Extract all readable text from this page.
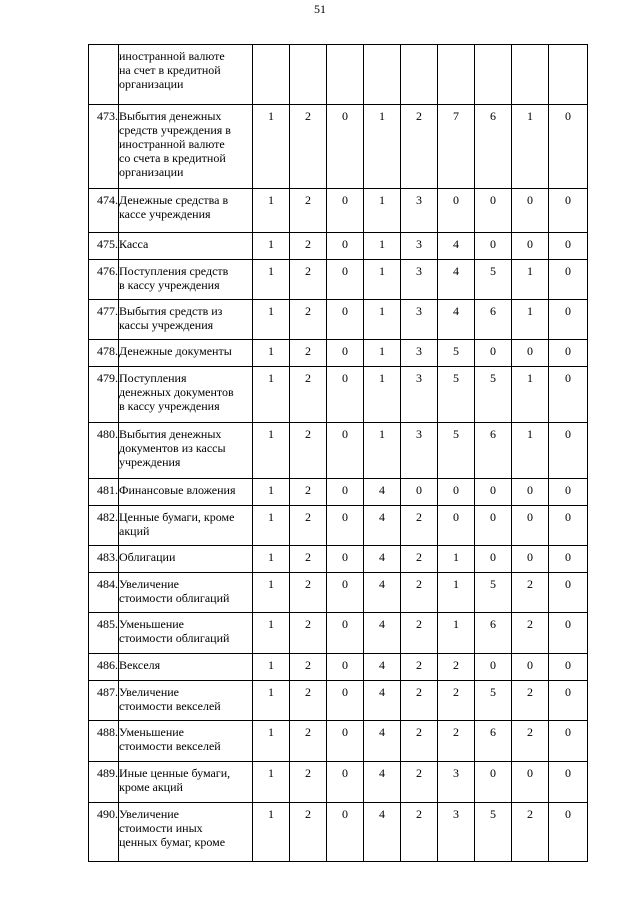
51

	иностранной валюте
на счет в кредитной
организации									

473.	Выбытия денежных
средств учреждения в
иностранной валюте
со счета в кредитной
организации	1	2	0	1	2	7	6	1	0
474.	Денежные средства в
кассе учреждения	1	2	0	1	3	0	0	0	0
475.	Касса	1	2	0	1	3	4	0	0	0
476.	Поступления средств
в кассу учреждения	1	2	0	1	3	4	5	1	0
477.	Выбытия средств из
кассы учреждения	1	2	0	1	3	4	6	1	0
478.	Денежные документы	1	2	0	1	3	5	0	0	0
479.	Поступления
денежных документов
в кассу учреждения	1	2	0	1	3	5	5	1	0
480.	Выбытия денежных
документов из кассы
учреждения	1	2	0	1	3	5	6	1	0
481.	Финансовые вложения	1	2	0	4	0	0	0	0	0
482.	Ценные бумаги, кроме
акций	1	2	0	4	2	0	0	0	0
483.	Облигации	1	2	0	4	2	1	0	0	0
484.	Увеличение
стоимости облигаций	1	2	0	4	2	1	5	2	0
485.	Уменьшение
стоимости облигаций	1	2	0	4	2	1	6	2	0
486.	Векселя	1	2	0	4	2	2	0	0	0
487.	Увеличение
стоимости векселей	1	2	0	4	2	2	5	2	0
488.	Уменьшение
стоимости векселей	1	2	0	4	2	2	6	2	0
489.	Иные ценные бумаги,
кроме акций	1	2	0	4	2	3	0	0	0
490.	Увеличение
стоимости иных
ценных бумаг, кроме	1	2	0	4	2	3	5	2	0
